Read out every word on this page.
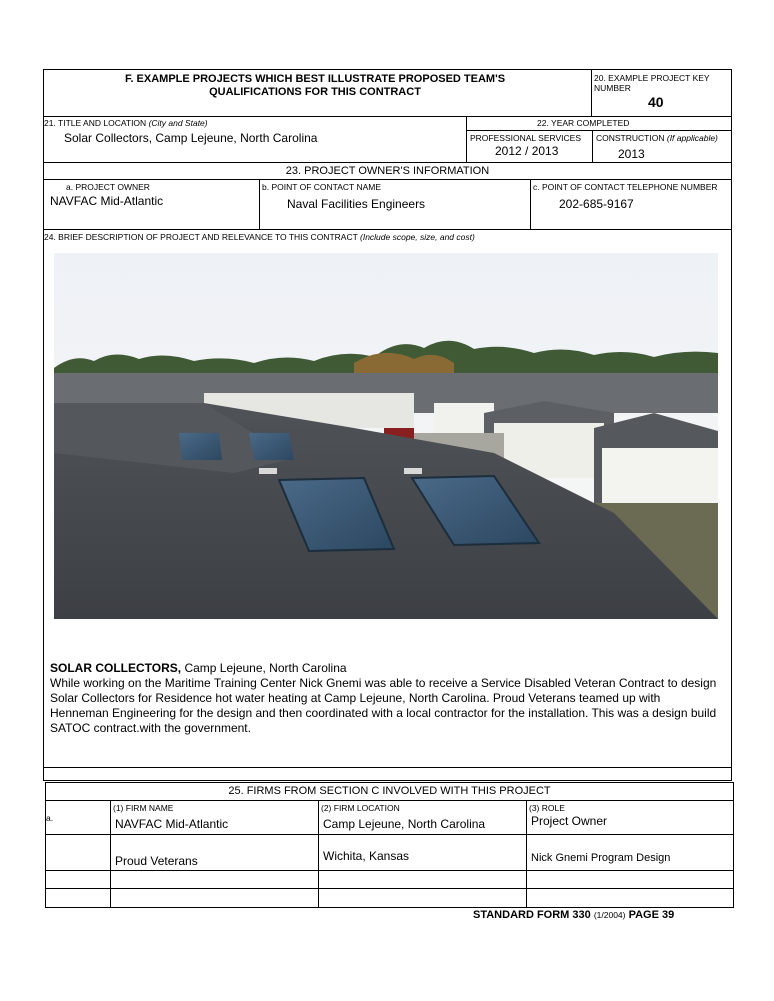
F. EXAMPLE PROJECTS WHICH BEST ILLUSTRATE PROPOSED TEAM'S
QUALIFICATIONS FOR THIS CONTRACT
20. EXAMPLE PROJECT KEY
NUMBER
40
21. TITLE AND LOCATION (City and State)
Solar Collectors, Camp Lejeune, North Carolina
22. YEAR COMPLETED
PROFESSIONAL SERVICES
2012 / 2013
CONSTRUCTION (If applicable)
2013
23. PROJECT OWNER'S INFORMATION
a. PROJECT OWNER
NAVFAC Mid-Atlantic
b. POINT OF CONTACT NAME
Naval Facilities Engineers
c. POINT OF CONTACT TELEPHONE NUMBER
202-685-9167
24. BRIEF DESCRIPTION OF PROJECT AND RELEVANCE TO THIS CONTRACT (Include scope, size, and cost)
SOLAR COLLECTORS, Camp Lejeune, North Carolina
While working on the Maritime Training Center Nick Gnemi was able to receive a Service Disabled Veteran Contract to design Solar Collectors for Residence hot water heating at Camp Lejeune, North Carolina. Proud Veterans teamed up with Henneman Engineering for the design and then coordinated with a local contractor for the installation. This was a design build SATOC contract.with the government.
25. FIRMS FROM SECTION C INVOLVED WITH THIS PROJECT
a.
(1) FIRM NAME	(2) FIRM LOCATION	(3) ROLE
NAVFAC Mid-Atlantic	Camp Lejeune, North Carolina	Project Owner
Proud Veterans	Wichita, Kansas	Nick Gnemi Program Design
STANDARD FORM 330 (1/2004) PAGE 39
